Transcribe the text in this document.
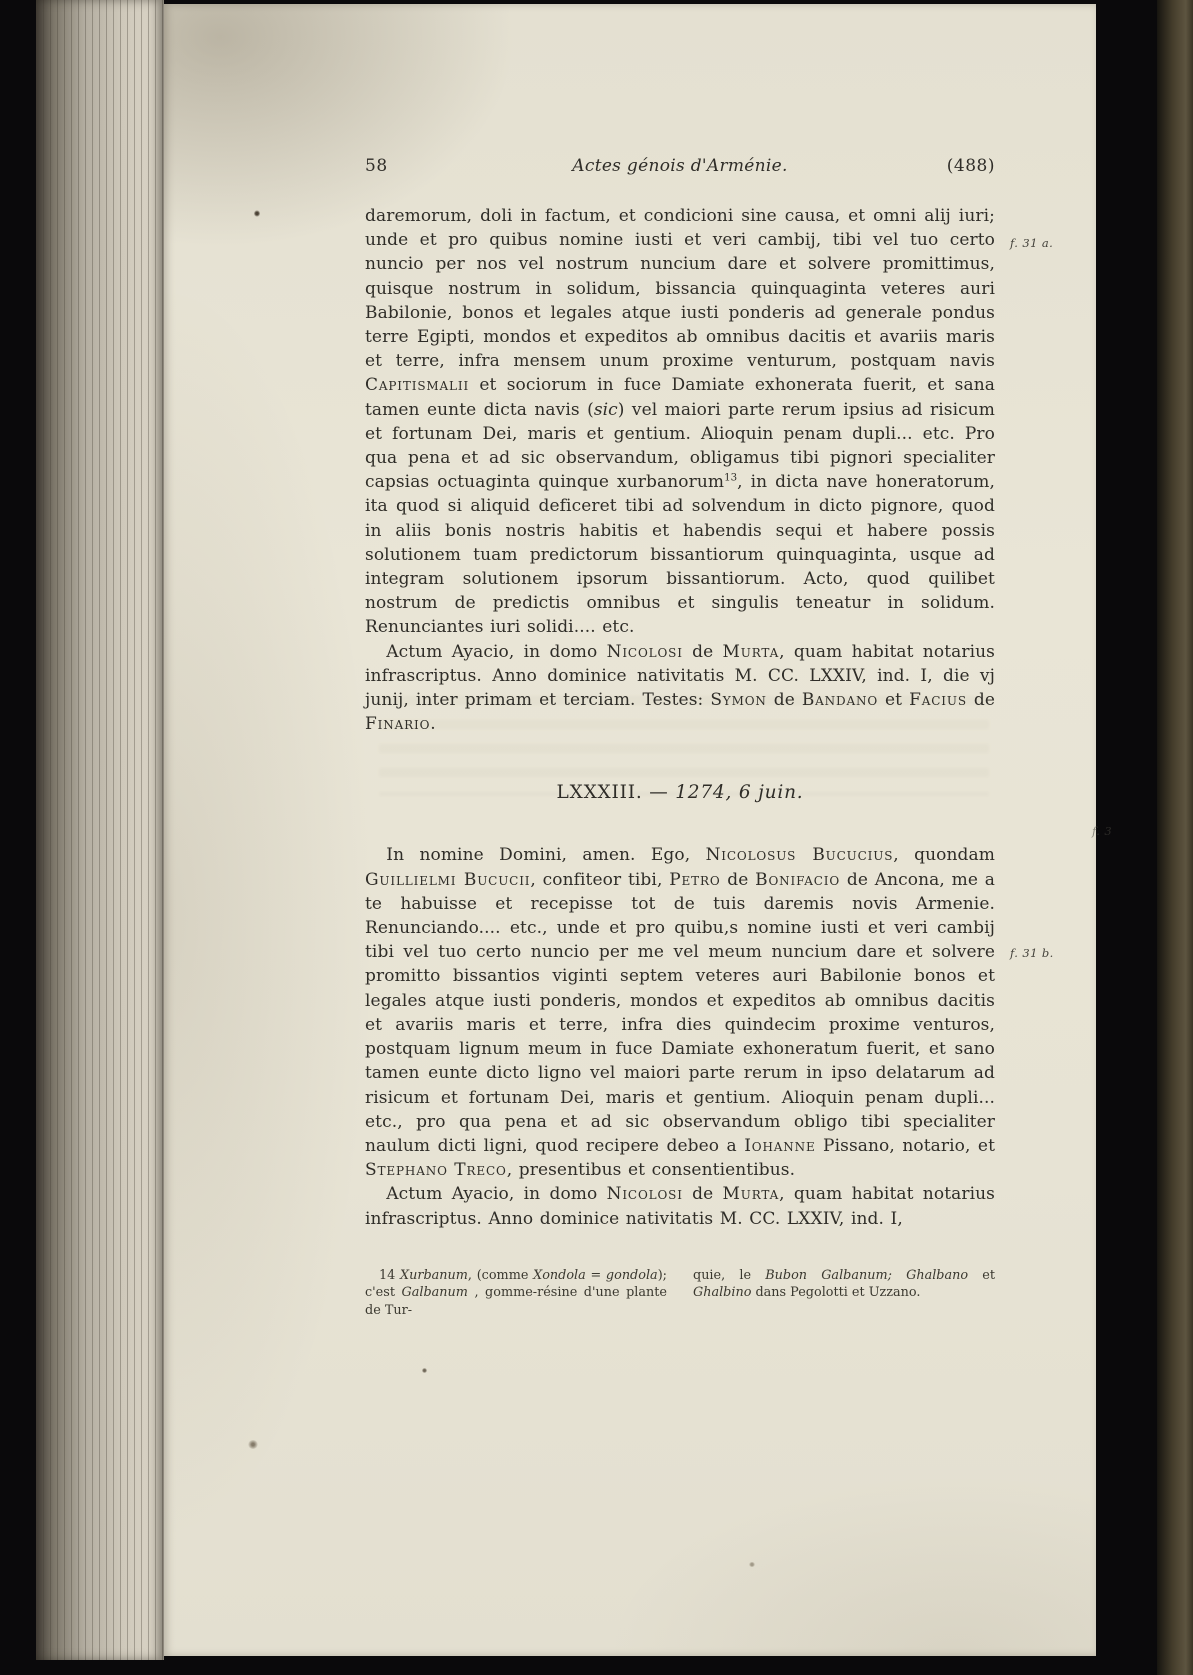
f. 31 a.
f. 31 b.
f. 3
58	Actes génois d'Arménie.	(488)

daremorum, doli in factum, et condicioni sine causa, et omni alij iuri; unde et pro quibus nomine iusti et veri cambij, tibi vel tuo certo nuncio per nos vel nostrum nuncium dare et solvere promittimus, quisque nostrum in solidum, bissancia quinquaginta veteres auri Babilonie, bonos et legales atque iusti ponderis ad generale pondus terre Egipti, mondos et expeditos ab omnibus dacitis et avariis maris et terre, infra mensem unum proxime venturum, postquam navis Capitismalii et sociorum in fuce Damiate exhonerata fuerit, et sana tamen eunte dicta navis (sic) vel maiori parte rerum ipsius ad risicum et fortunam Dei, maris et gentium. Alioquin penam dupli... etc. Pro qua pena et ad sic observandum, obligamus tibi pignori specialiter capsias octuaginta quinque xurbanorum$^{13}$, in dicta nave honeratorum, ita quod si aliquid deficeret tibi ad solvendum in dicto pignore, quod in aliis bonis nostris habitis et habendis sequi et habere possis solutionem tuam predictorum bissantiorum quinquaginta, usque ad integram solutionem ipsorum bissantiorum. Acto, quod quilibet nostrum de predictis omnibus et singulis teneatur in solidum. Renunciantes iuri solidi.... etc.

Actum Ayacio, in domo Nicolosi de Murta, quam habitat notarius infrascriptus. Anno dominice nativitatis M. CC. LXXIV, ind. I, die vj junij, inter primam et terciam. Testes: Symon de Bandano et Facius de Finario.

LXXXIII. — 1274, 6 juin.

In nomine Domini, amen. Ego, Nicolosus Bucucius, quondam Guillielmi Bucucii, confiteor tibi, Petro de Bonifacio de Ancona, me a te habuisse et recepisse tot de tuis daremis novis Armenie. Renunciando.... etc., unde et pro quibu,s nomine iusti et veri cambij tibi vel tuo certo nuncio per me vel meum nuncium dare et solvere promitto bissantios viginti septem veteres auri Babilonie bonos et legales atque iusti ponderis, mondos et expeditos ab omnibus dacitis et avariis maris et terre, infra dies quindecim proxime venturos, postquam lignum meum in fuce Damiate exhoneratum fuerit, et sano tamen eunte dicto ligno vel maiori parte rerum in ipso delatarum ad risicum et fortunam Dei, maris et gentium. Alioquin penam dupli... etc., pro qua pena et ad sic observandum obligo tibi specialiter naulum dicti ligni, quod recipere debeo a Iohanne Pissano, notario, et Stephano Treco, presentibus et consentientibus.

Actum Ayacio, in domo Nicolosi de Murta, quam habitat notarius infrascriptus. Anno dominice nativitatis M. CC. LXXIV, ind. I,

14 Xurbanum, (comme Xondola = gondola); c'est Galbanum , gomme-résine d'une plante de Tur-
quie, le Bubon Galbanum; Ghalbano et Ghalbino dans Pegolotti et Uzzano.
